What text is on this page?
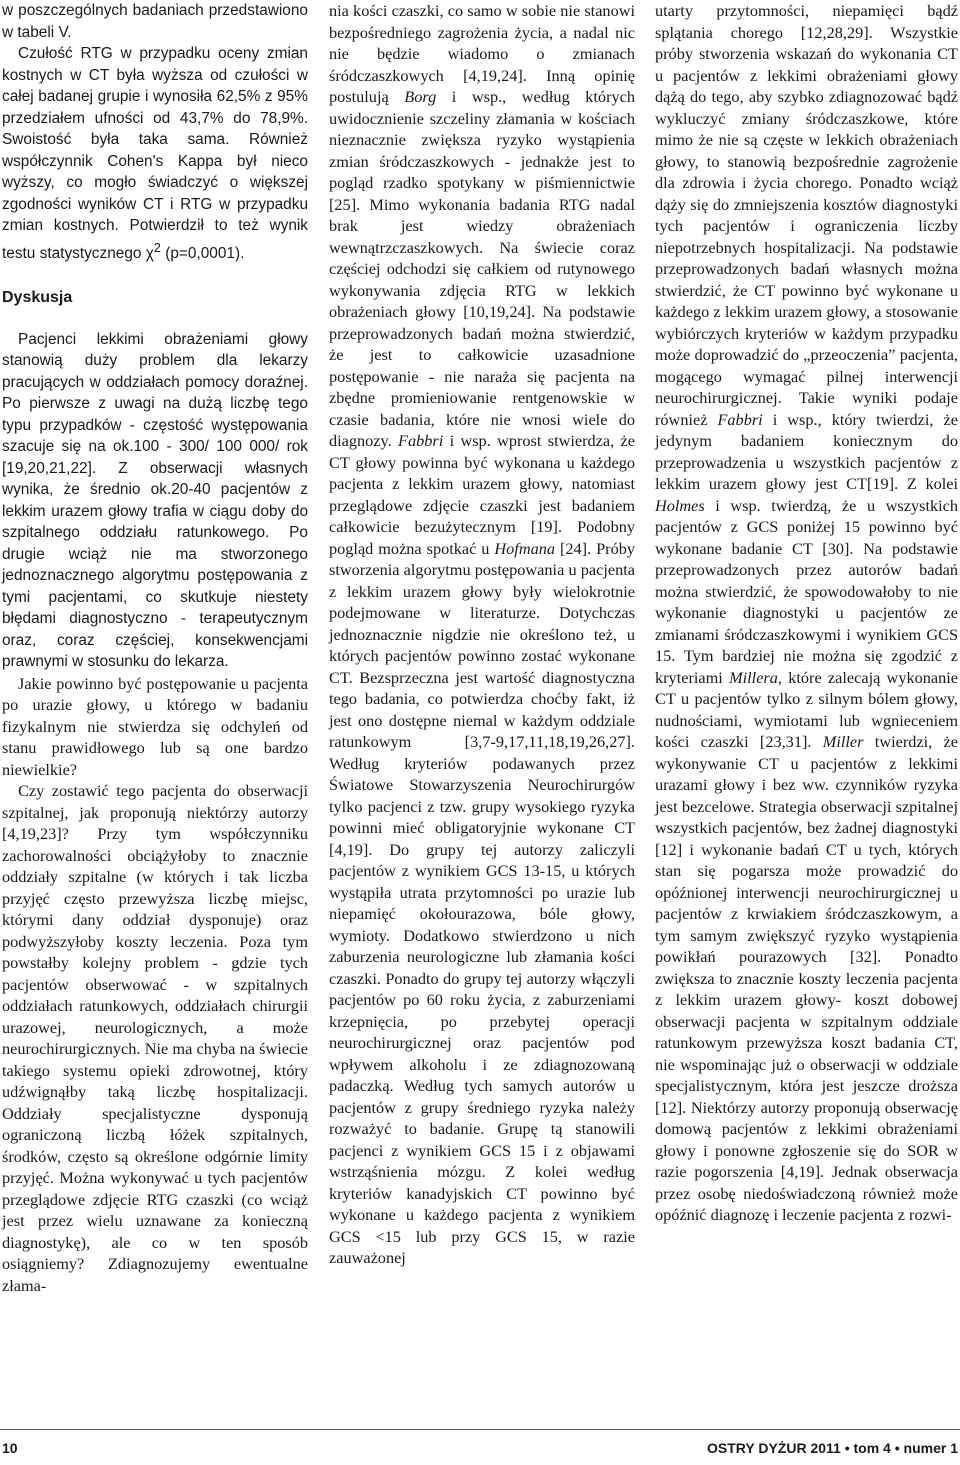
w poszczególnych badaniach przedstawiono w tabeli V.

Czułość RTG w przypadku oceny zmian kostnych w CT była wyższa od czułości w całej badanej grupie i wynosiła 62,5% z 95% przedziałem ufności od 43,7% do 78,9%. Swoistość była taka sama. Również współczynnik Cohen's Kappa był nieco wyższy, co mogło świadczyć o większej zgodności wyników CT i RTG w przypadku zmian kostnych. Potwierdził to też wynik testu statystycznego $\chi^2$ (p=0,0001).

Dyskusja

Pacjenci lekkimi obrażeniami głowy stanowią duży problem dla lekarzy pracujących w oddziałach pomocy doraźnej. Po pierwsze z uwagi na dużą liczbę tego typu przypadków - częstość występowania szacuje się na ok.100 - 300/ 100 000/ rok [19,20,21,22]. Z obserwacji własnych wynika, że średnio ok.20-40 pacjentów z lekkim urazem głowy trafia w ciągu doby do szpitalnego oddziału ratunkowego. Po drugie wciąż nie ma stworzonego jednoznacznego algorytmu postępowania z tymi pacjentami, co skutkuje niestety błędami diagnostyczno - terapeutycznym oraz, coraz częściej, konsekwencjami prawnymi w stosunku do lekarza.

Jakie powinno być postępowanie u pacjenta po urazie głowy, u którego w badaniu fizykalnym nie stwierdza się odchyleń od stanu prawidłowego lub są one bardzo niewielkie?

Czy zostawić tego pacjenta do obserwacji szpitalnej, jak proponują niektórzy autorzy [4,19,23]? Przy tym współczynniku zachorowalności obciążyłoby to znacznie oddziały szpitalne (w których i tak liczba przyjęć często przewyższa liczbę miejsc, którymi dany oddział dysponuje) oraz podwyższyłoby koszty leczenia. Poza tym powstałby kolejny problem - gdzie tych pacjentów obserwować - w szpitalnych oddziałach ratunkowych, oddziałach chirurgii urazowej, neurologicznych, a może neurochirurgicznych. Nie ma chyba na świecie takiego systemu opieki zdrowotnej, który udźwignąłby taką liczbę hospitalizacji. Oddziały specjalistyczne dysponują ograniczoną liczbą łóżek szpitalnych, środków, często są określone odgórnie limity przyjęć. Można wykonywać u tych pacjentów przeglądowe zdjęcie RTG czaszki (co wciąż jest przez wielu uznawane za konieczną diagnostykę), ale co w ten sposób osiągniemy? Zdiagnozujemy ewentualne złama-

nia kości czaszki, co samo w sobie nie stanowi bezpośredniego zagrożenia życia, a nadal nic nie będzie wiadomo o zmianach śródczaszkowych [4,19,24]. Inną opinię postulują Borg i wsp., według których uwidocznienie szczeliny złamania w kościach nieznacznie zwiększa ryzyko wystąpienia zmian śródczaszkowych - jednakże jest to pogląd rzadko spotykany w piśmiennictwie [25]. Mimo wykonania badania RTG nadal brak jest wiedzy obrażeniach wewnątrzczaszkowych. Na świecie coraz częściej odchodzi się całkiem od rutynowego wykonywania zdjęcia RTG w lekkich obrażeniach głowy [10,19,24]. Na podstawie przeprowadzonych badań można stwierdzić, że jest to całkowicie uzasadnione postępowanie - nie naraża się pacjenta na zbędne promieniowanie rentgenowskie w czasie badania, które nie wnosi wiele do diagnozy. Fabbri i wsp. wprost stwierdza, że CT głowy powinna być wykonana u każdego pacjenta z lekkim urazem głowy, natomiast przeglądowe zdjęcie czaszki jest badaniem całkowicie bezużytecznym [19]. Podobny pogląd można spotkać u Hofmana [24]. Próby stworzenia algorytmu postępowania u pacjenta z lekkim urazem głowy były wielokrotnie podejmowane w literaturze. Dotychczas jednoznacznie nigdzie nie określono też, u których pacjentów powinno zostać wykonane CT. Bezsprzeczna jest wartość diagnostyczna tego badania, co potwierdza choćby fakt, iż jest ono dostępne niemal w każdym oddziale ratunkowym [3,7-9,17,11,18,19,26,27]. Według kryteriów podawanych przez Światowe Stowarzyszenia Neurochirurgów tylko pacjenci z tzw. grupy wysokiego ryzyka powinni mieć obligatoryjnie wykonane CT [4,19]. Do grupy tej autorzy zaliczyli pacjentów z wynikiem GCS 13-15, u których wystąpiła utrata przytomności po urazie lub niepamięć okołourazowa, bóle głowy, wymioty. Dodatkowo stwierdzono u nich zaburzenia neurologiczne lub złamania kości czaszki. Ponadto do grupy tej autorzy włączyli pacjentów po 60 roku życia, z zaburzeniami krzepnięcia, po przebytej operacji neurochirurgicznej oraz pacjentów pod wpływem alkoholu i ze zdiagnozowaną padaczką. Według tych samych autorów u pacjentów z grupy średniego ryzyka należy rozważyć to badanie. Grupę tą stanowili pacjenci z wynikiem GCS 15 i z objawami wstrząśnienia mózgu. Z kolei według kryteriów kanadyjskich CT powinno być wykonane u każdego pacjenta z wynikiem GCS <15 lub przy GCS 15, w razie zauważonej

utarty przytomności, niepamięci bądź splątania chorego [12,28,29]. Wszystkie próby stworzenia wskazań do wykonania CT u pacjentów z lekkimi obrażeniami głowy dążą do tego, aby szybko zdiagnozować bądź wykluczyć zmiany śródczaszkowe, które mimo że nie są częste w lekkich obrażeniach głowy, to stanowią bezpośrednie zagrożenie dla zdrowia i życia chorego. Ponadto wciąż dąży się do zmniejszenia kosztów diagnostyki tych pacjentów i ograniczenia liczby niepotrzebnych hospitalizacji. Na podstawie przeprowadzonych badań własnych można stwierdzić, że CT powinno być wykonane u każdego z lekkim urazem głowy, a stosowanie wybiórczych kryteriów w każdym przypadku może doprowadzić do „przeoczenia” pacjenta, mogącego wymagać pilnej interwencji neurochirurgicznej. Takie wyniki podaje również Fabbri i wsp., który twierdzi, że jedynym badaniem koniecznym do przeprowadzenia u wszystkich pacjentów z lekkim urazem głowy jest CT[19]. Z kolei Holmes i wsp. twierdzą, że u wszystkich pacjentów z GCS poniżej 15 powinno być wykonane badanie CT [30]. Na podstawie przeprowadzonych przez autorów badań można stwierdzić, że spowodowałoby to nie wykonanie diagnostyki u pacjentów ze zmianami śródczaszkowymi i wynikiem GCS 15. Tym bardziej nie można się zgodzić z kryteriami Millera, które zalecają wykonanie CT u pacjentów tylko z silnym bólem głowy, nudnościami, wymiotami lub wgnieceniem kości czaszki [23,31]. Miller twierdzi, że wykonywanie CT u pacjentów z lekkimi urazami głowy i bez ww. czynników ryzyka jest bezcelowe. Strategia obserwacji szpitalnej wszystkich pacjentów, bez żadnej diagnostyki [12] i wykonanie badań CT u tych, których stan się pogarsza może prowadzić do opóźnionej interwencji neurochirurgicznej u pacjentów z krwiakiem śródczaszkowym, a tym samym zwiększyć ryzyko wystąpienia powikłań pourazowych [32]. Ponadto zwiększa to znacznie koszty leczenia pacjenta z lekkim urazem głowy- koszt dobowej obserwacji pacjenta w szpitalnym oddziale ratunkowym przewyższa koszt badania CT, nie wspominając już o obserwacji w oddziale specjalistycznym, która jest jeszcze droższa [12]. Niektórzy autorzy proponują obserwację domową pacjentów z lekkimi obrażeniami głowy i ponowne zgłoszenie się do SOR w razie pogorszenia [4,19]. Jednak obserwacja przez osobę niedoświadczoną również może opóźnić diagnozę i leczenie pacjenta z rozwi-

10	OSTRY DYŻUR 2011 • tom 4 • numer 1
